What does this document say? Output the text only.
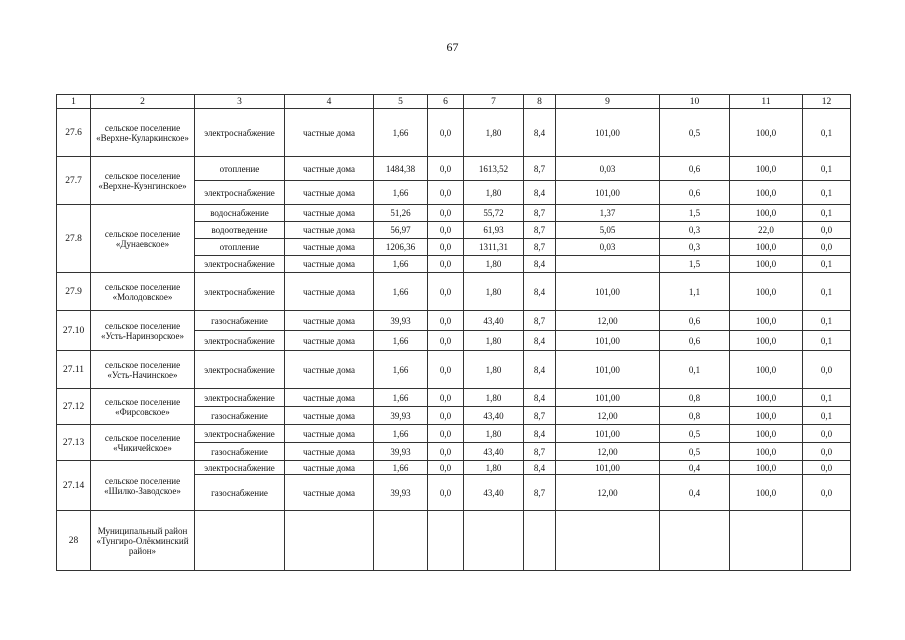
67
1	2	3	4	5	6	7	8	9	10	11	12
27.6	сельское поселение «Верхне-Куларкинское»	электроснабжение	частные дома	1,66	0,0	1,80	8,4	101,00	0,5	100,0	0,1
27.7	сельское поселение «Верхне-Куэнгинское»	отопление	частные дома	1484,38	0,0	1613,52	8,7	0,03	0,6	100,0	0,1
		электроснабжение	частные дома	1,66	0,0	1,80	8,4	101,00	0,6	100,0	0,1
27.8	сельское поселение «Дунаевское»	водоснабжение	частные дома	51,26	0,0	55,72	8,7	1,37	1,5	100,0	0,1
		водоотведение	частные дома	56,97	0,0	61,93	8,7	5,05	0,3	22,0	0,0
		отопление	частные дома	1206,36	0,0	1311,31	8,7	0,03	0,3	100,0	0,0
		электроснабжение	частные дома	1,66	0,0	1,80	8,4		1,5	100,0	0,1
27.9	сельское поселение «Молодовское»	электроснабжение	частные дома	1,66	0,0	1,80	8,4	101,00	1,1	100,0	0,1
27.10	сельское поселение «Усть-Наринзорское»	газоснабжение	частные дома	39,93	0,0	43,40	8,7	12,00	0,6	100,0	0,1
		электроснабжение	частные дома	1,66	0,0	1,80	8,4	101,00	0,6	100,0	0,1
27.11	сельское поселение «Усть-Начинское»	электроснабжение	частные дома	1,66	0,0	1,80	8,4	101,00	0,1	100,0	0,0
27.12	сельское поселение «Фирсовское»	электроснабжение	частные дома	1,66	0,0	1,80	8,4	101,00	0,8	100,0	0,1
		газоснабжение	частные дома	39,93	0,0	43,40	8,7	12,00	0,8	100,0	0,1
27.13	сельское поселение «Чикичейское»	электроснабжение	частные дома	1,66	0,0	1,80	8,4	101,00	0,5	100,0	0,0
		газоснабжение	частные дома	39,93	0,0	43,40	8,7	12,00	0,5	100,0	0,0
27.14	сельское поселение «Шилко-Заводское»	электроснабжение	частные дома	1,66	0,0	1,80	8,4	101,00	0,4	100,0	0,0
		газоснабжение	частные дома	39,93	0,0	43,40	8,7	12,00	0,4	100,0	0,0
28	Муниципальный район «Тунгиро-Олёкминский район»										
